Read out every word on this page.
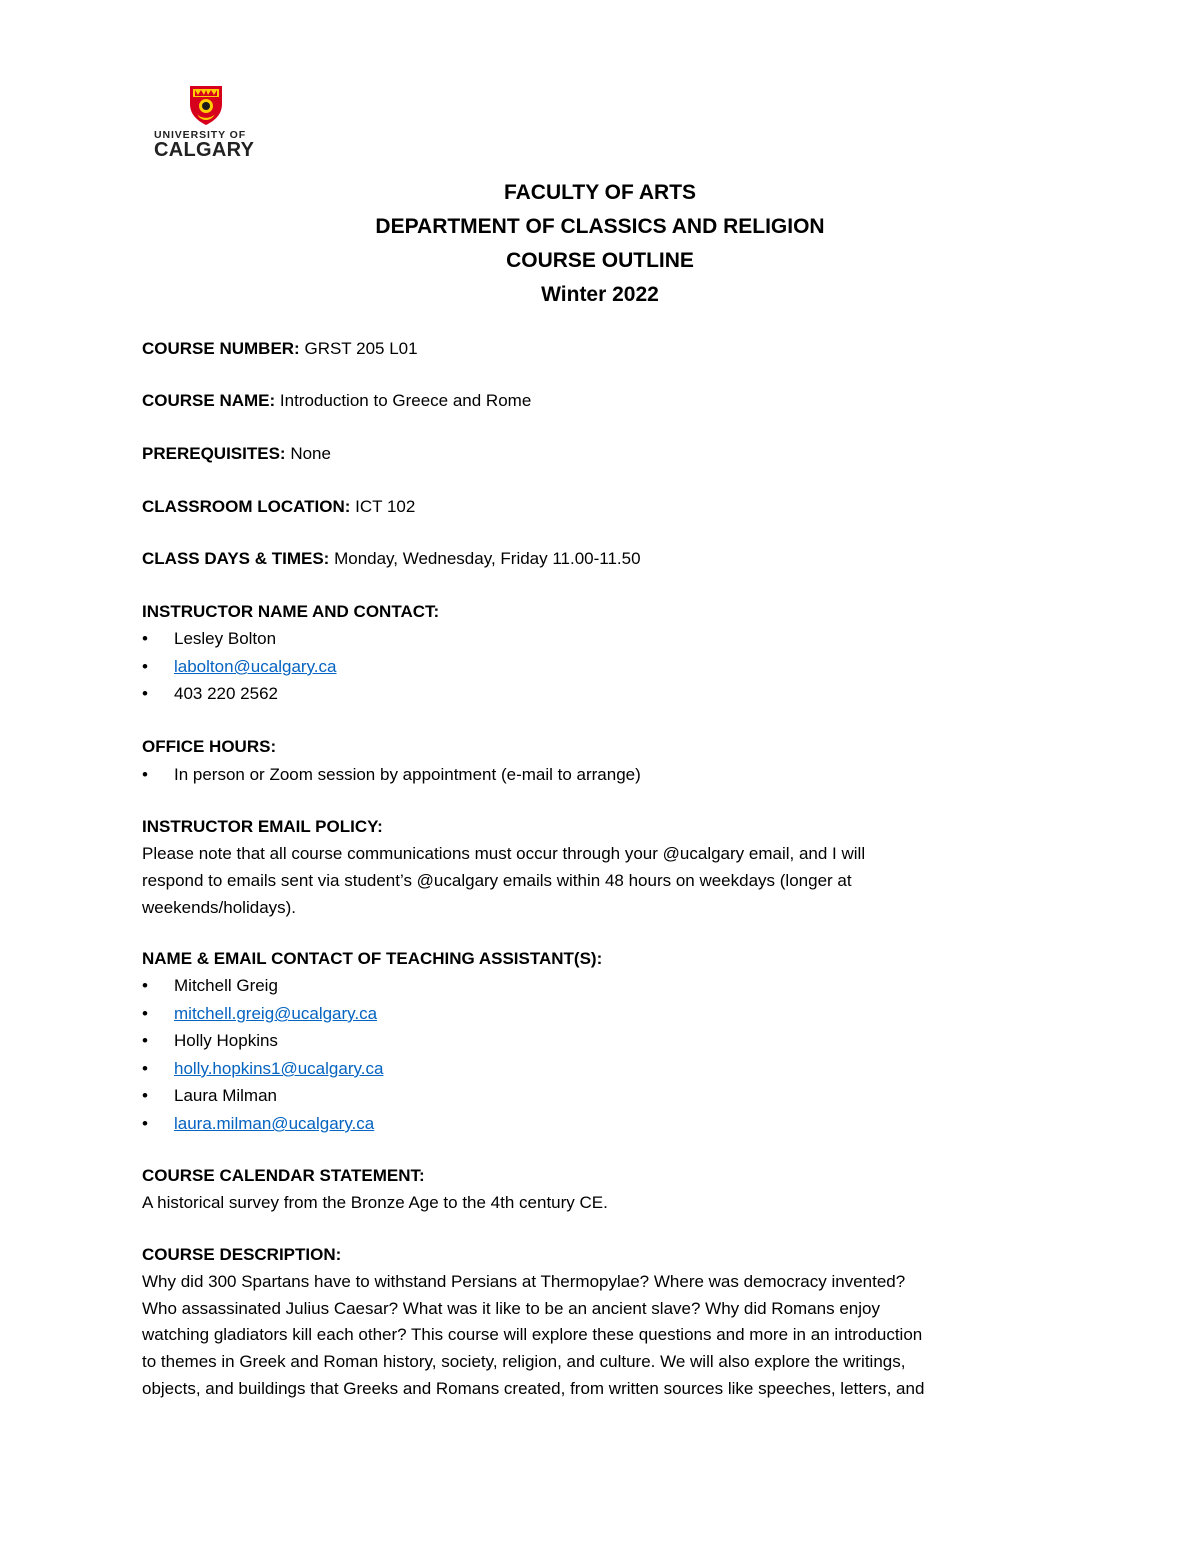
UNIVERSITY OF
CALGARY
FACULTY OF ARTS
DEPARTMENT OF CLASSICS AND RELIGION
COURSE OUTLINE
Winter 2022
COURSE NUMBER: GRST 205 L01
COURSE NAME: Introduction to Greece and Rome
PREREQUISITES: None
CLASSROOM LOCATION: ICT 102
CLASS DAYS & TIMES: Monday, Wednesday, Friday 11.00-11.50
INSTRUCTOR NAME AND CONTACT:
• Lesley Bolton
• labolton@ucalgary.ca
• 403 220 2562
OFFICE HOURS:
• In person or Zoom session by appointment (e-mail to arrange)
INSTRUCTOR EMAIL POLICY:
Please note that all course communications must occur through your @ucalgary email, and I will
respond to emails sent via student’s @ucalgary emails within 48 hours on weekdays (longer at
weekends/holidays).
NAME & EMAIL CONTACT OF TEACHING ASSISTANT(S):
• Mitchell Greig
• mitchell.greig@ucalgary.ca
• Holly Hopkins
• holly.hopkins1@ucalgary.ca
• Laura Milman
• laura.milman@ucalgary.ca
COURSE CALENDAR STATEMENT:
A historical survey from the Bronze Age to the 4th century CE.
COURSE DESCRIPTION:
Why did 300 Spartans have to withstand Persians at Thermopylae? Where was democracy invented?
Who assassinated Julius Caesar? What was it like to be an ancient slave? Why did Romans enjoy
watching gladiators kill each other? This course will explore these questions and more in an introduction
to themes in Greek and Roman history, society, religion, and culture. We will also explore the writings,
objects, and buildings that Greeks and Romans created, from written sources like speeches, letters, and
